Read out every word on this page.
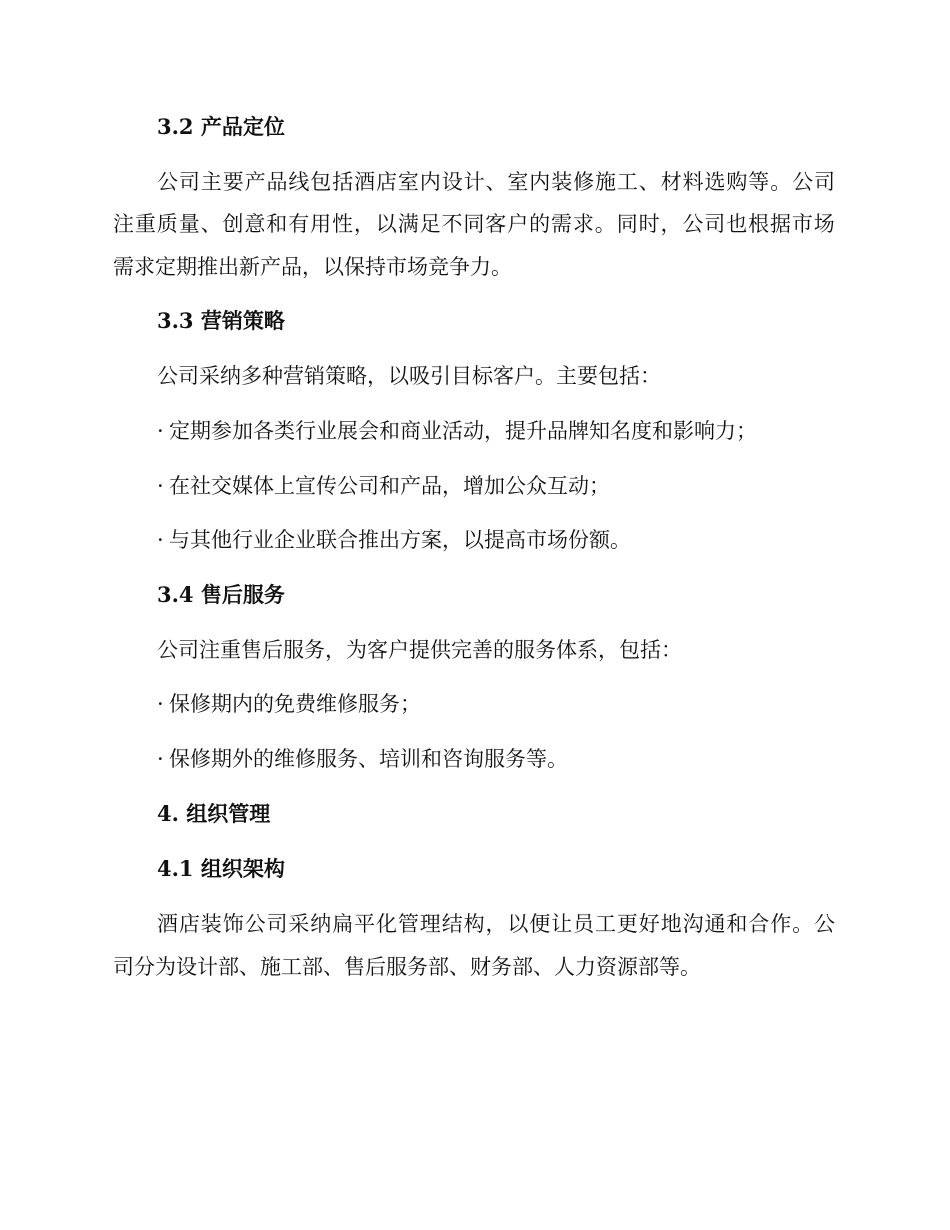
3.2 产品定位
公司主要产品线包括酒店室内设计、室内装修施工、材料选购等。公司
注重质量、创意和有用性，以满足不同客户的需求。同时，公司也根据市场
需求定期推出新产品，以保持市场竞争力。
3.3 营销策略
公司采纳多种营销策略，以吸引目标客户。主要包括：
· 定期参加各类行业展会和商业活动，提升品牌知名度和影响力；
· 在社交媒体上宣传公司和产品，增加公众互动；
· 与其他行业企业联合推出方案，以提高市场份额。
3.4 售后服务
公司注重售后服务，为客户提供完善的服务体系，包括：
· 保修期内的免费维修服务；
· 保修期外的维修服务、培训和咨询服务等。
4. 组织管理
4.1 组织架构
酒店装饰公司采纳扁平化管理结构，以便让员工更好地沟通和合作。公
司分为设计部、施工部、售后服务部、财务部、人力资源部等。
